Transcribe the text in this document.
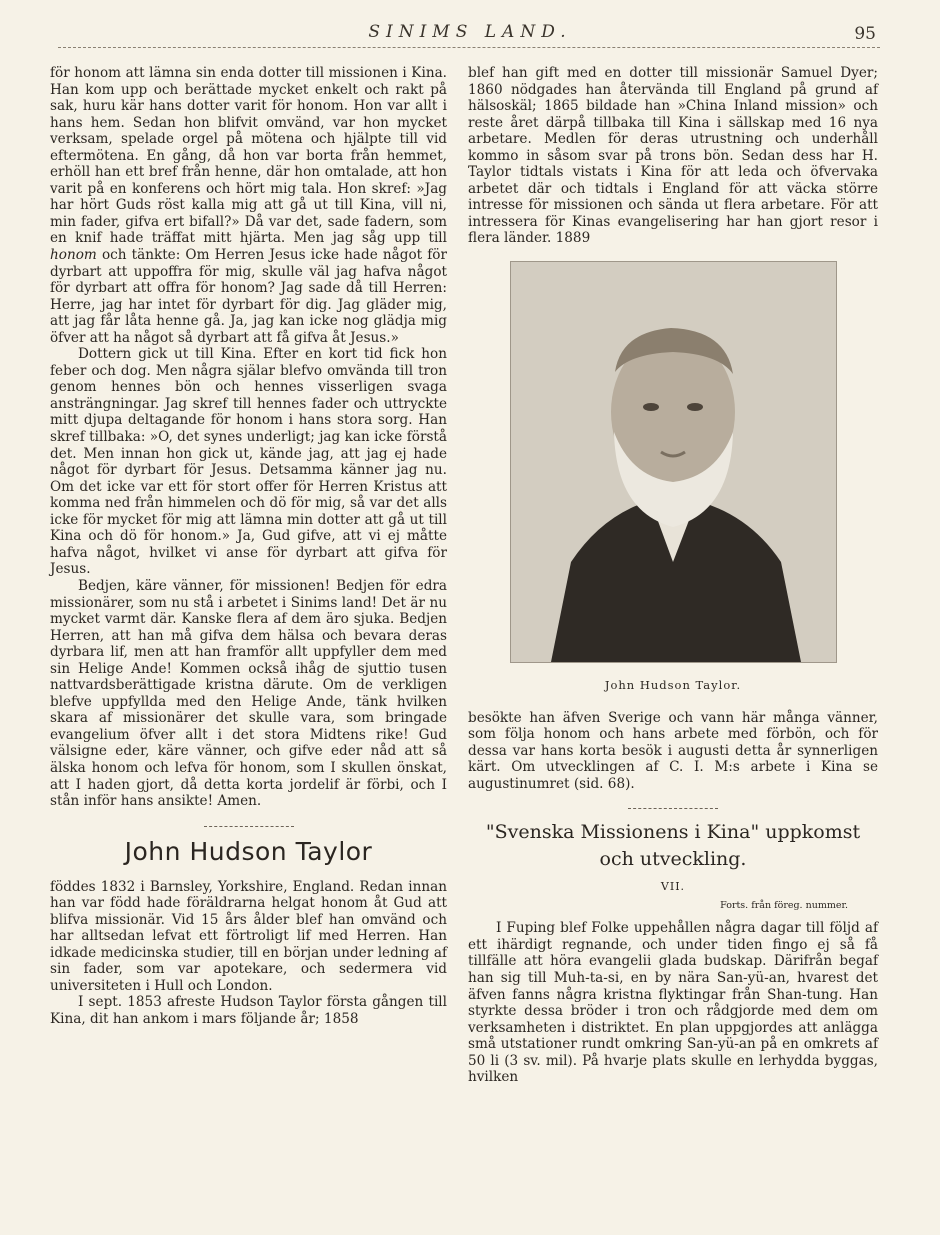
SINIMS LAND.	95

för honom att lämna sin enda dotter till missionen i Kina. Han kom upp och berättade mycket enkelt och rakt på sak, huru kär hans dotter varit för honom. Hon var allt i hans hem. Sedan hon blifvit omvänd, var hon mycket verksam, spelade orgel på mötena och hjälpte till vid eftermötena. En gång, då hon var borta från hemmet, erhöll han ett bref från henne, där hon omtalade, att hon varit på en konferens och hört mig tala. Hon skref: »Jag har hört Guds röst kalla mig att gå ut till Kina, vill ni, min fader, gifva ert bifall?» Då var det, sade fadern, som en knif hade träffat mitt hjärta. Men jag såg upp till honom och tänkte: Om Herren Jesus icke hade något för dyrbart att uppoffra för mig, skulle väl jag hafva något för dyrbart att offra för honom? Jag sade då till Herren: Herre, jag har intet för dyrbart för dig. Jag gläder mig, att jag får låta henne gå. Ja, jag kan icke nog glädja mig öfver att ha något så dyrbart att få gifva åt Jesus.»

Dottern gick ut till Kina. Efter en kort tid fick hon feber och dog. Men några själar blefvo omvända till tron genom hennes bön och hennes visserligen svaga ansträngningar. Jag skref till hennes fader och uttryckte mitt djupa deltagande för honom i hans stora sorg. Han skref tillbaka: »O, det synes underligt; jag kan icke förstå det. Men innan hon gick ut, kände jag, att jag ej hade något för dyrbart för Jesus. Detsamma känner jag nu. Om det icke var ett för stort offer för Herren Kristus att komma ned från himmelen och dö för mig, så var det alls icke för mycket för mig att lämna min dotter att gå ut till Kina och dö för honom.» Ja, Gud gifve, att vi ej måtte hafva något, hvilket vi anse för dyrbart att gifva för Jesus.

Bedjen, käre vänner, för missionen! Bedjen för edra missionärer, som nu stå i arbetet i Sinims land! Det är nu mycket varmt där. Kanske flera af dem äro sjuka. Bedjen Herren, att han må gifva dem hälsa och bevara deras dyrbara lif, men att han framför allt uppfyller dem med sin Helige Ande! Kommen också ihåg de sjuttio tusen nattvardsberättigade kristna därute. Om de verkligen blefve uppfyllda med den Helige Ande, tänk hvilken skara af missionärer det skulle vara, som bringade evangelium öfver allt i det stora Midtens rike! Gud välsigne eder, käre vänner, och gifve eder nåd att så älska honom och lefva för honom, som I skullen önskat, att I haden gjort, då detta korta jordelif är förbi, och I stån inför hans ansikte! Amen.

John Hudson Taylor

föddes 1832 i Barnsley, Yorkshire, England. Redan innan han var född hade föräldrarna helgat honom åt Gud att blifva missionär. Vid 15 års ålder blef han omvänd och har alltsedan lefvat ett förtroligt lif med Herren. Han idkade medicinska studier, till en början under ledning af sin fader, som var apotekare, och sedermera vid universiteten i Hull och London.

I sept. 1853 afreste Hudson Taylor första gången till Kina, dit han ankom i mars följande år; 1858

blef han gift med en dotter till missionär Samuel Dyer; 1860 nödgades han återvända till England på grund af hälsoskäl; 1865 bildade han »China Inland mission» och reste året därpå tillbaka till Kina i sällskap med 16 nya arbetare. Medlen för deras utrustning och underhåll kommo in såsom svar på trons bön. Sedan dess har H. Taylor tidtals vistats i Kina för att leda och öfvervaka arbetet där och tidtals i England för att väcka större intresse för missionen och sända ut flera arbetare. För att intressera för Kinas evangelisering har han gjort resor i flera länder. 1889

John Hudson Taylor.

besökte han äfven Sverige och vann här många vänner, som följa honom och hans arbete med förbön, och för dessa var hans korta besök i augusti detta år synnerligen kärt. Om utvecklingen af C. I. M:s arbete i Kina se augustinumret (sid. 68).

"Svenska Missionens i Kina" uppkomst
och utveckling.
VII.
Forts. från föreg. nummer.

I Fuping blef Folke uppehållen några dagar till följd af ett ihärdigt regnande, och under tiden fingo ej så få tillfälle att höra evangelii glada budskap. Därifrån begaf han sig till Muh-ta-si, en by nära San-yü-an, hvarest det äfven fanns några kristna flyktingar från Shan-tung. Han styrkte dessa bröder i tron och rådgjorde med dem om verksamheten i distriktet. En plan uppgjordes att anlägga små utstationer rundt omkring San-yü-an på en omkrets af 50 li (3 sv. mil). På hvarje plats skulle en lerhydda byggas, hvilken
